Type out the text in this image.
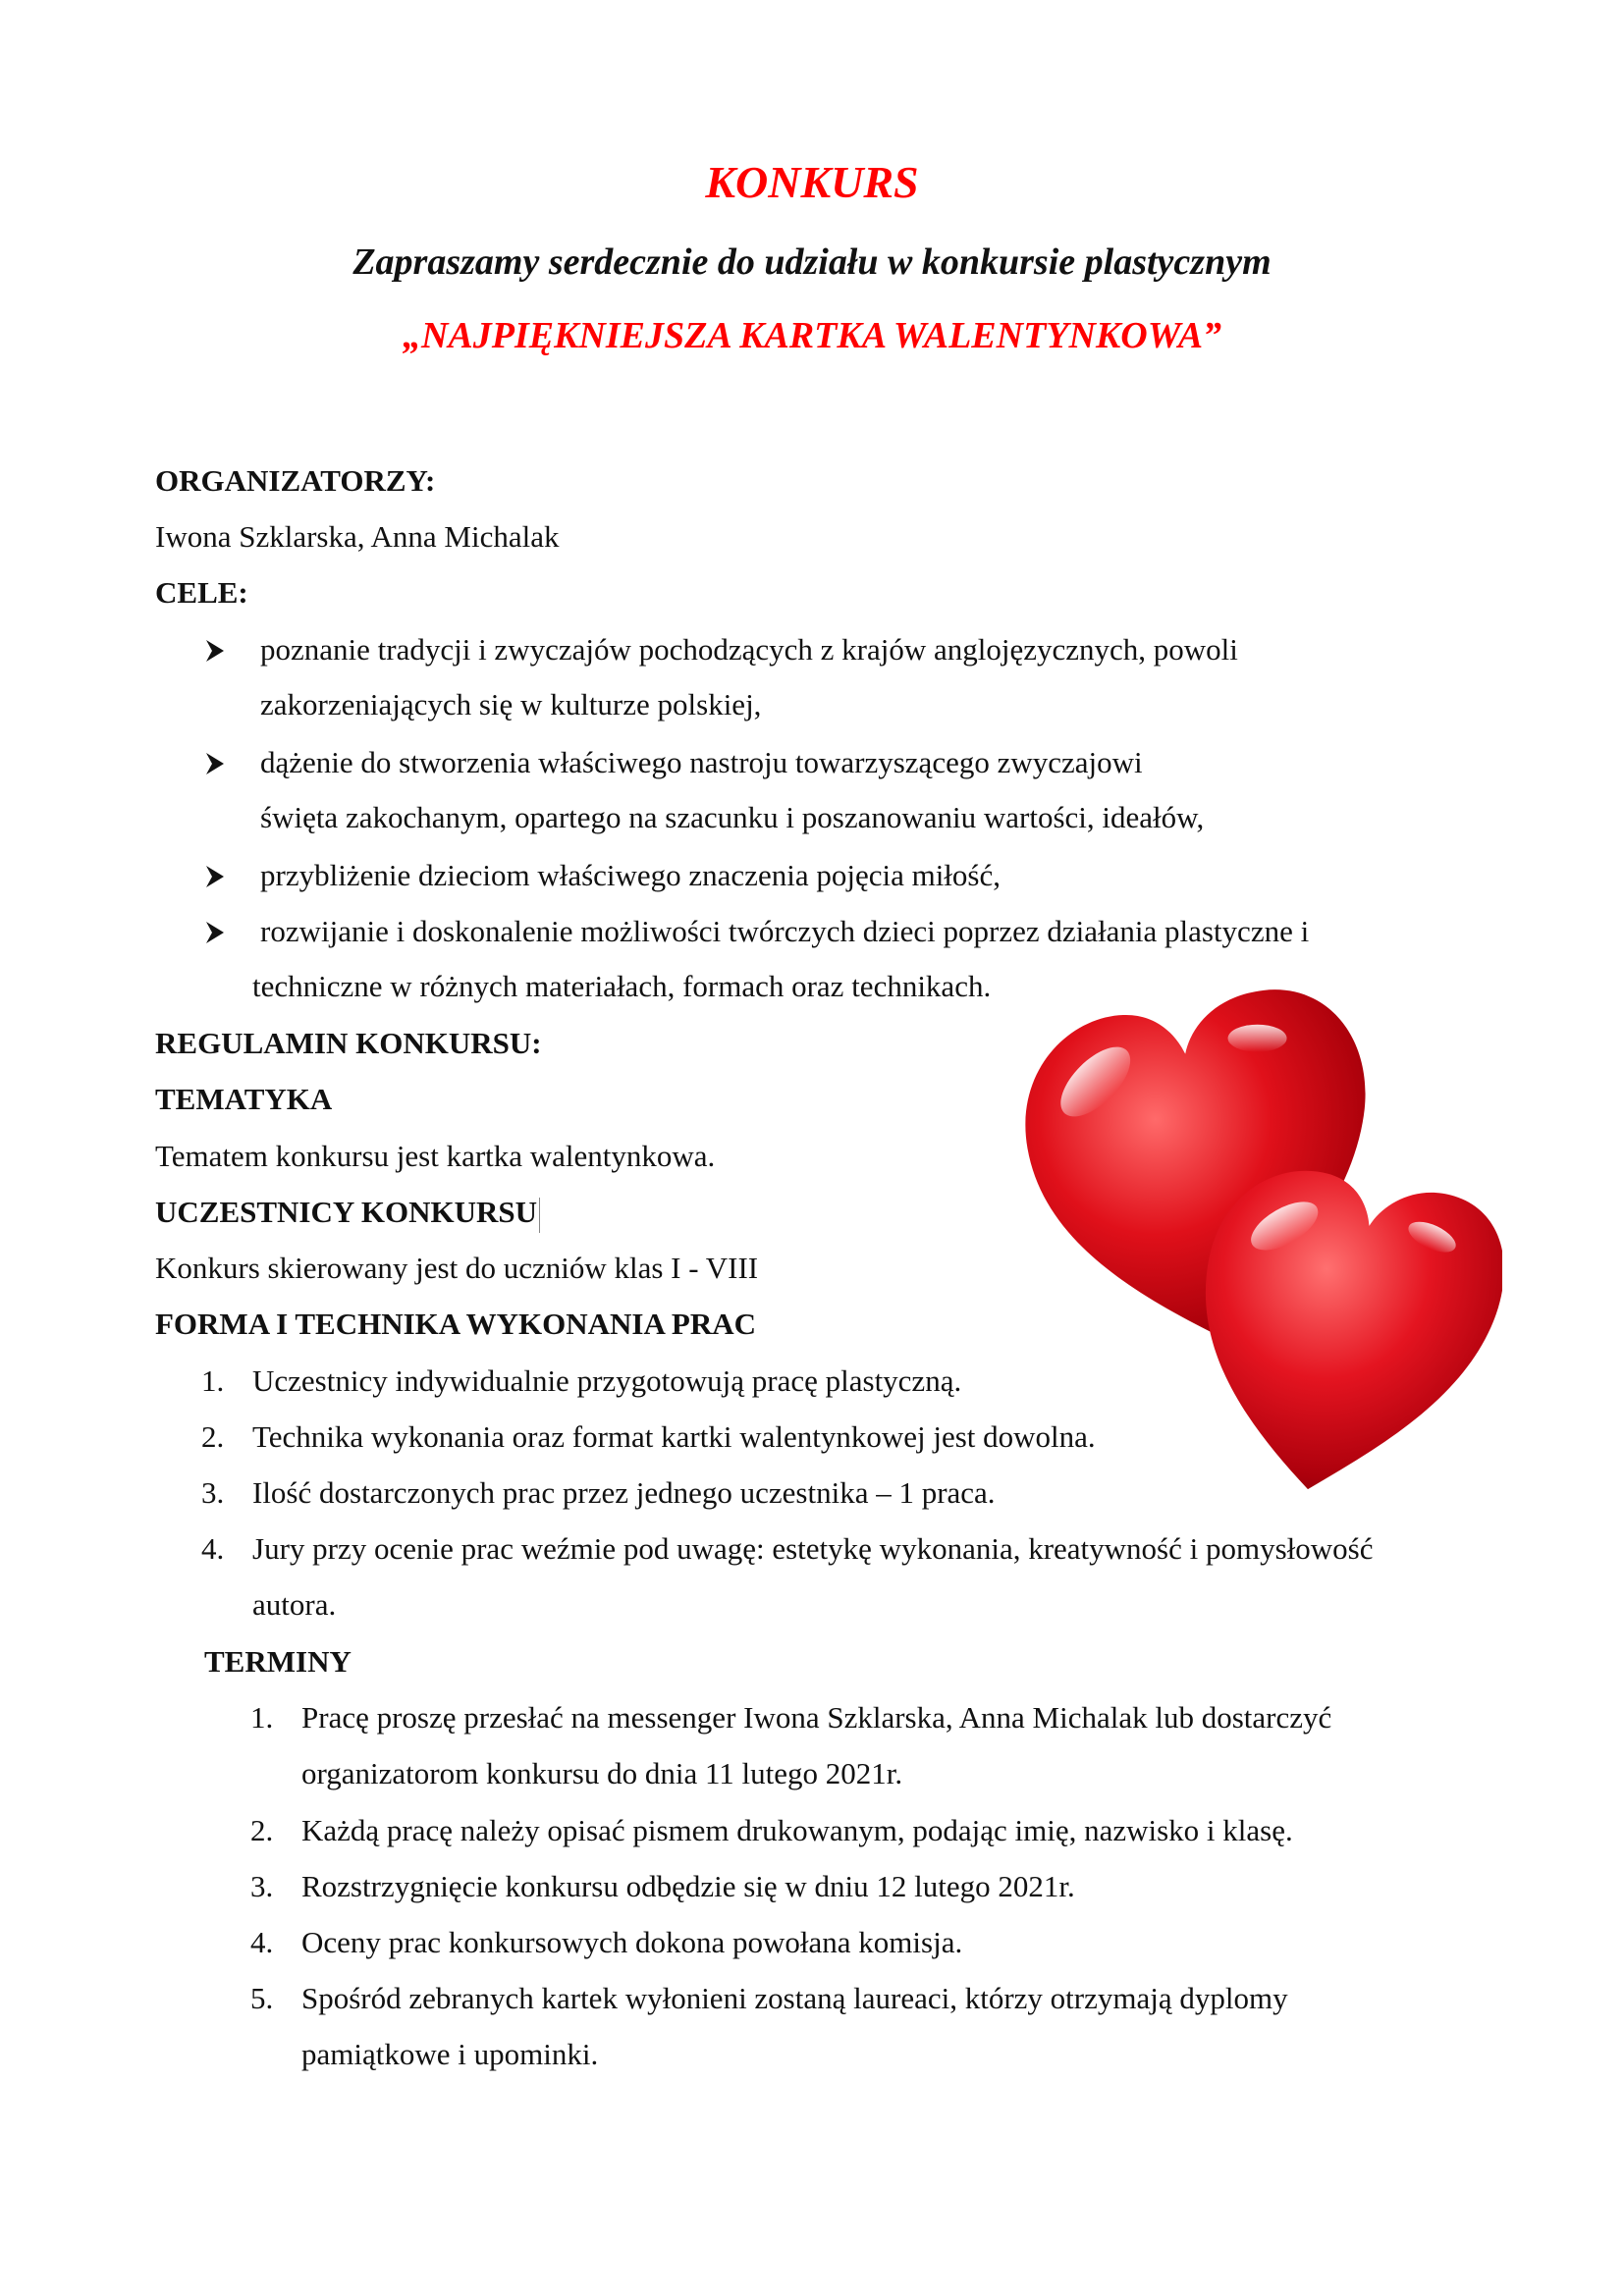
KONKURS
Zapraszamy serdecznie do udziału w konkursie plastycznym
„NAJPIĘKNIEJSZA KARTKA WALENTYNKOWA”
ORGANIZATORZY:
Iwona Szklarska, Anna Michalak
CELE:
poznanie tradycji i zwyczajów pochodzących z krajów anglojęzycznych, powoli
zakorzeniających się w kulturze polskiej,
dążenie do stworzenia właściwego nastroju towarzyszącego zwyczajowi
święta zakochanym, opartego na szacunku i poszanowaniu wartości, ideałów,
przybliżenie dzieciom właściwego znaczenia pojęcia miłość,
rozwijanie i doskonalenie możliwości twórczych dzieci poprzez działania plastyczne i
techniczne w różnych materiałach, formach oraz technikach.
REGULAMIN KONKURSU:
TEMATYKA
Tematem konkursu jest kartka walentynkowa.
UCZESTNICY KONKURSU
Konkurs skierowany jest do uczniów klas I - VIII
FORMA I TECHNIKA WYKONANIA PRAC
1. Uczestnicy indywidualnie przygotowują pracę plastyczną.
2. Technika wykonania oraz format kartki walentynkowej jest dowolna.
3. Ilość dostarczonych prac przez jednego uczestnika – 1 praca.
4. Jury przy ocenie prac weźmie pod uwagę: estetykę wykonania, kreatywność i pomysłowość
autora.
TERMINY
1. Pracę proszę przesłać na messenger Iwona Szklarska, Anna Michalak lub dostarczyć
organizatorom konkursu do dnia 11 lutego 2021r.
2. Każdą pracę należy opisać pismem drukowanym, podając imię, nazwisko i klasę.
3. Rozstrzygnięcie konkursu odbędzie się w dniu 12 lutego 2021r.
4. Oceny prac konkursowych dokona powołana komisja.
5. Spośród zebranych kartek wyłonieni zostaną laureaci, którzy otrzymają dyplomy
pamiątkowe i upominki.
